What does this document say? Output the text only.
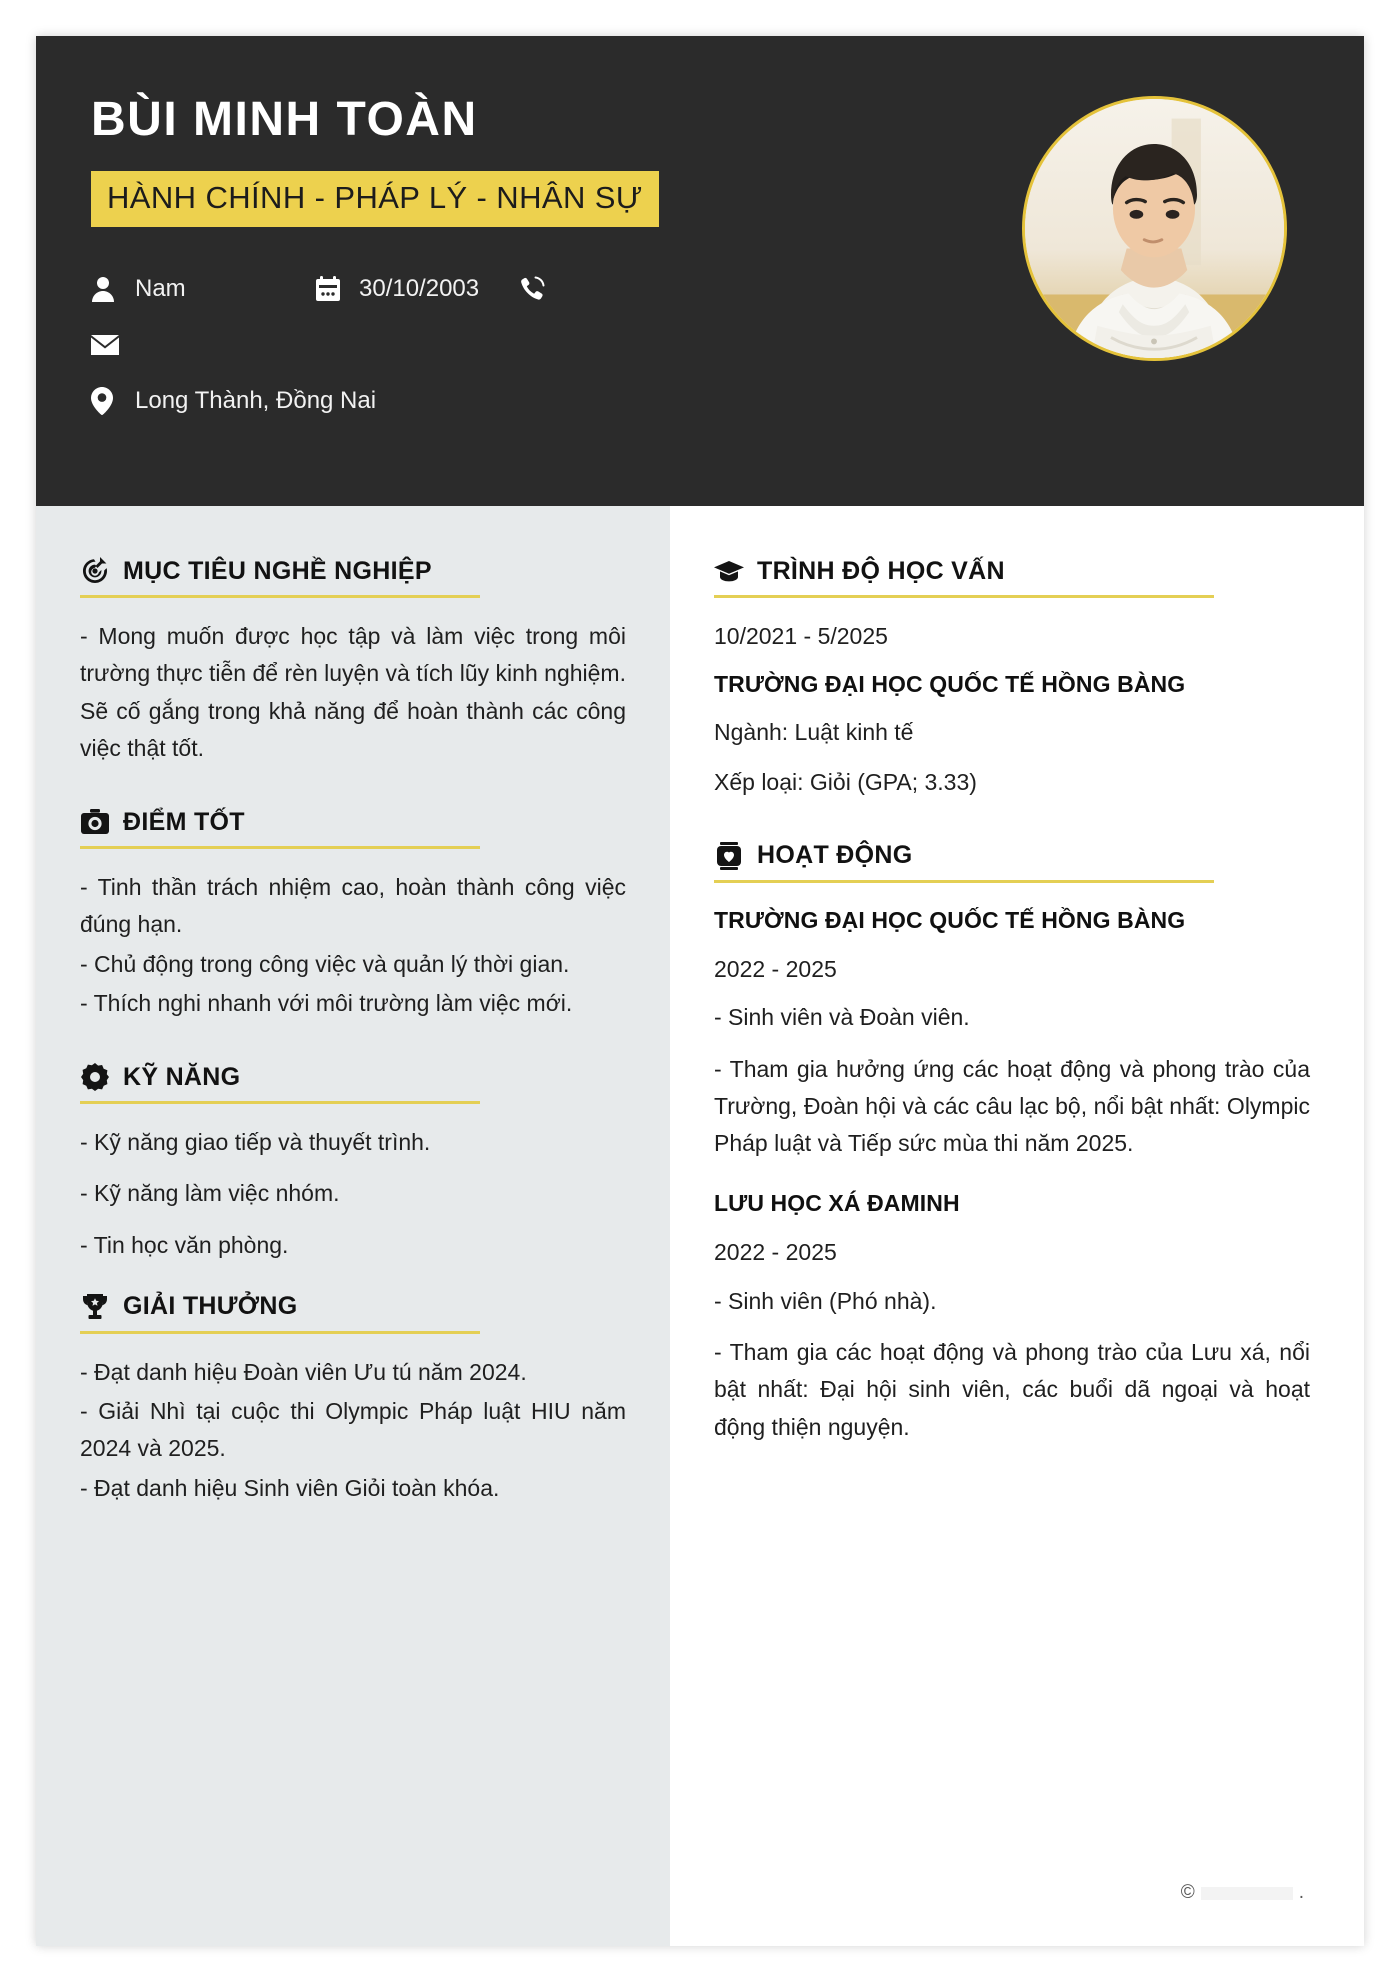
BÙI MINH TOÀN
HÀNH CHÍNH - PHÁP LÝ - NHÂN SỰ
Nam	30/10/2003
Long Thành, Đồng Nai
MỤC TIÊU NGHỀ NGHIỆP
- Mong muốn được học tập và làm việc trong môi trường thực tiễn để rèn luyện và tích lũy kinh nghiệm. Sẽ cố gắng trong khả năng để hoàn thành các công việc thật tốt.
ĐIỂM TỐT
- Tinh thần trách nhiệm cao, hoàn thành công việc đúng hạn.
- Chủ động trong công việc và quản lý thời gian.
- Thích nghi nhanh với môi trường làm việc mới.
KỸ NĂNG
- Kỹ năng giao tiếp và thuyết trình.
- Kỹ năng làm việc nhóm.
- Tin học văn phòng.
GIẢI THƯỞNG
- Đạt danh hiệu Đoàn viên Ưu tú năm 2024.
- Giải Nhì tại cuộc thi Olympic Pháp luật HIU năm 2024 và 2025.
- Đạt danh hiệu Sinh viên Giỏi toàn khóa.
TRÌNH ĐỘ HỌC VẤN
10/2021 - 5/2025
TRƯỜNG ĐẠI HỌC QUỐC TẾ HỒNG BÀNG
Ngành: Luật kinh tế
Xếp loại: Giỏi (GPA; 3.33)
HOẠT ĐỘNG
TRƯỜNG ĐẠI HỌC QUỐC TẾ HỒNG BÀNG
2022 - 2025
- Sinh viên và Đoàn viên.
- Tham gia hưởng ứng các hoạt động và phong trào của Trường, Đoàn hội và các câu lạc bộ, nổi bật nhất: Olympic Pháp luật và Tiếp sức mùa thi năm 2025.
LƯU HỌC XÁ ĐAMINH
2022 - 2025
- Sinh viên (Phó nhà).
- Tham gia các hoạt động và phong trào của Lưu xá, nổi bật nhất: Đại hội sinh viên, các buổi dã ngoại và hoạt động thiện nguyện.
©	.
